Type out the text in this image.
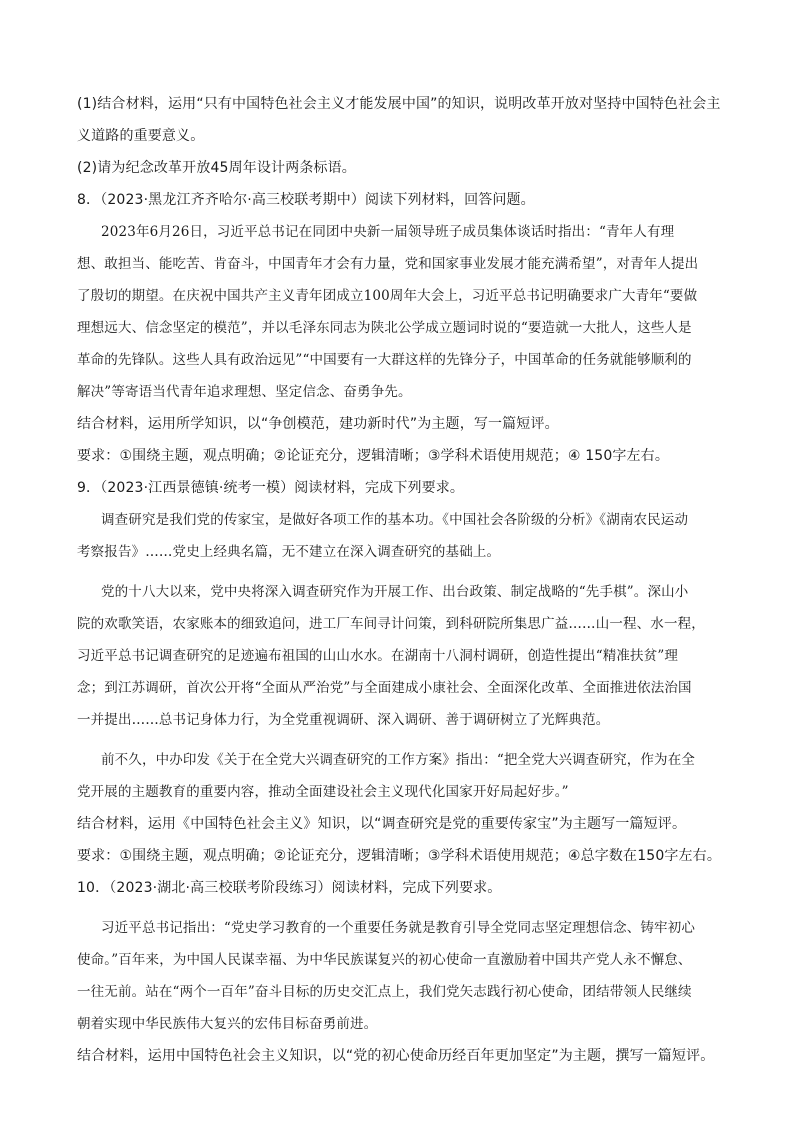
(1)结合材料，运用“只有中国特色社会主义才能发展中国”的知识，说明改革开放对坚持中国特色社会主
义道路的重要意义。
(2)请为纪念改革开放45周年设计两条标语。
8．（2023·黑龙江齐齐哈尔·高三校联考期中）阅读下列材料，回答问题。
2023年6月26日，习近平总书记在同团中央新一届领导班子成员集体谈话时指出：“青年人有理
想、敢担当、能吃苦、肯奋斗，中国青年才会有力量，党和国家事业发展才能充满希望”，对青年人提出
了殷切的期望。在庆祝中国共产主义青年团成立100周年大会上，习近平总书记明确要求广大青年“要做
理想远大、信念坚定的模范”，并以毛泽东同志为陕北公学成立题词时说的“要造就一大批人，这些人是
革命的先锋队。这些人具有政治远见”“中国要有一大群这样的先锋分子，中国革命的任务就能够顺利的
解决”等寄语当代青年追求理想、坚定信念、奋勇争先。
结合材料，运用所学知识，以“争创模范，建功新时代”为主题，写一篇短评。
要求：①围绕主题，观点明确；②论证充分，逻辑清晰；③学科术语使用规范；④ 150字左右。
9．（2023·江西景德镇·统考一模）阅读材料，完成下列要求。
调查研究是我们党的传家宝，是做好各项工作的基本功。《中国社会各阶级的分析》《湖南农民运动
考察报告》……党史上经典名篇，无不建立在深入调查研究的基础上。
党的十八大以来，党中央将深入调查研究作为开展工作、出台政策、制定战略的“先手棋”。深山小
院的欢歌笑语，农家账本的细致追问，进工厂车间寻计问策，到科研院所集思广益……山一程、水一程，
习近平总书记调查研究的足迹遍布祖国的山山水水。在湖南十八洞村调研，创造性提出“精准扶贫”理
念；到江苏调研，首次公开将“全面从严治党”与全面建成小康社会、全面深化改革、全面推进依法治国
一并提出……总书记身体力行，为全党重视调研、深入调研、善于调研树立了光辉典范。
前不久，中办印发《关于在全党大兴调查研究的工作方案》指出：“把全党大兴调查研究，作为在全
党开展的主题教育的重要内容，推动全面建设社会主义现代化国家开好局起好步。”
结合材料，运用《中国特色社会主义》知识，以“调查研究是党的重要传家宝”为主题写一篇短评。
要求：①围绕主题，观点明确；②论证充分，逻辑清晰；③学科术语使用规范；④总字数在150字左右。
10．（2023·湖北·高三校联考阶段练习）阅读材料，完成下列要求。
习近平总书记指出：“党史学习教育的一个重要任务就是教育引导全党同志坚定理想信念、铸牢初心
使命。”百年来，为中国人民谋幸福、为中华民族谋复兴的初心使命一直激励着中国共产党人永不懈怠、
一往无前。站在“两个一百年”奋斗目标的历史交汇点上，我们党矢志践行初心使命，团结带领人民继续
朝着实现中华民族伟大复兴的宏伟目标奋勇前进。
结合材料，运用中国特色社会主义知识，以“党的初心使命历经百年更加坚定”为主题，撰写一篇短评。
